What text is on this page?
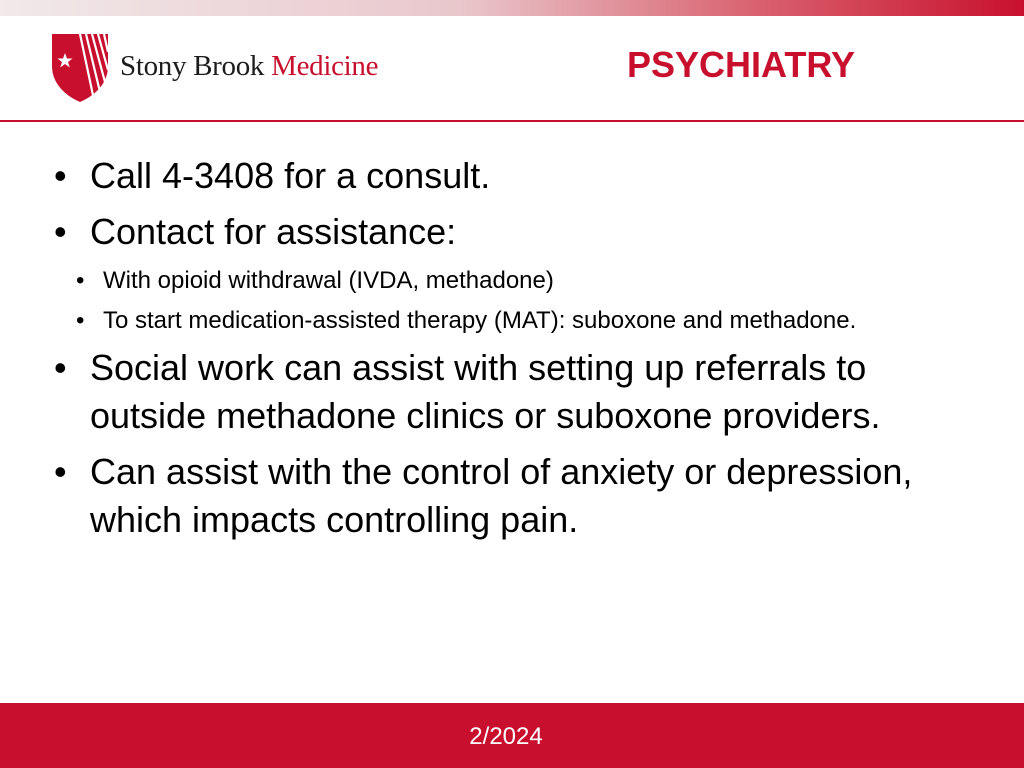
Stony Brook Medicine	PSYCHIATRY
• Call 4-3408 for a consult.
• Contact for assistance:
• With opioid withdrawal (IVDA, methadone)
• To start medication-assisted therapy (MAT): suboxone and methadone.
• Social work can assist with setting up referrals to outside methadone clinics or suboxone providers.
• Can assist with the control of anxiety or depression, which impacts controlling pain.
2/2024
